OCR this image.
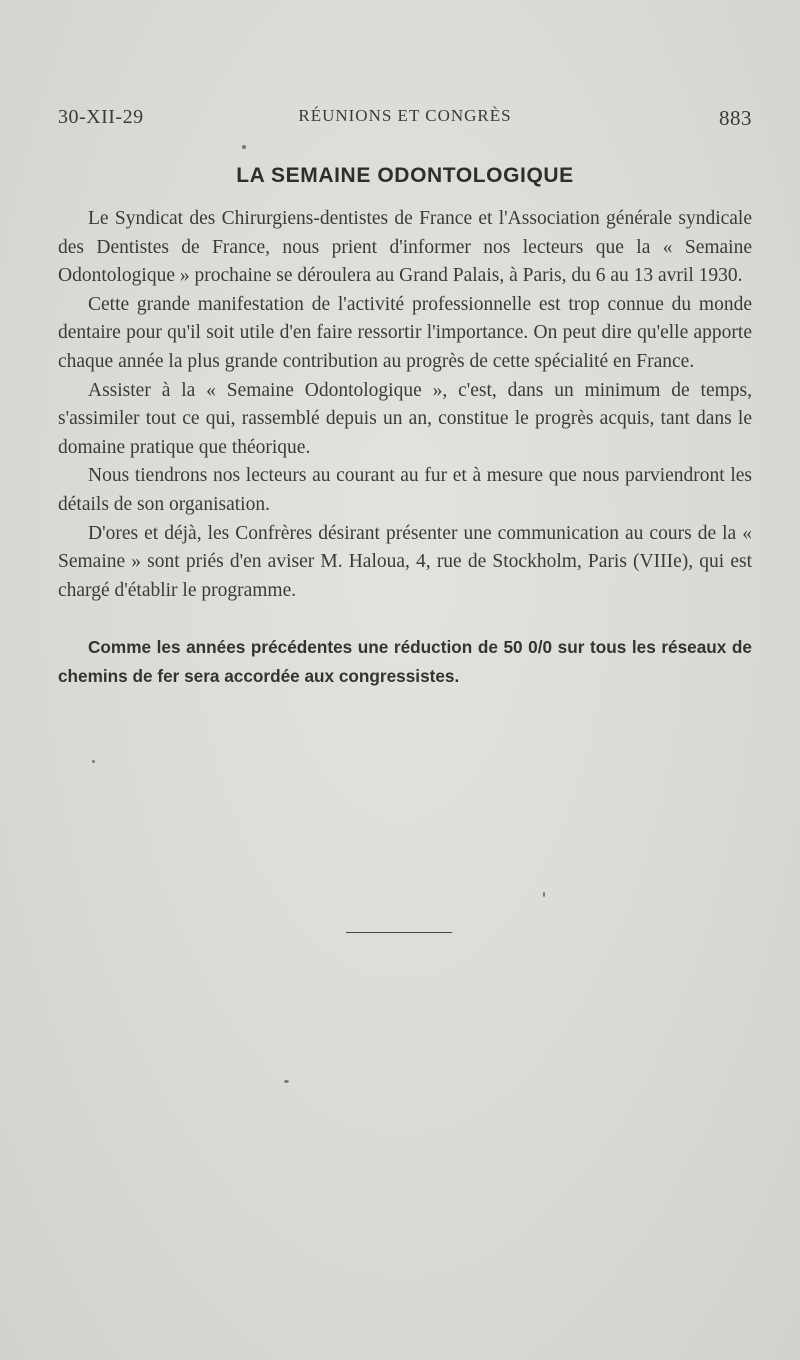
30-XII-29	RÉUNIONS ET CONGRÈS	883
LA SEMAINE ODONTOLOGIQUE

Le Syndicat des Chirurgiens-dentistes de France et l'Association générale syndicale des Dentistes de France, nous prient d'informer nos lecteurs que la « Semaine Odontologique » prochaine se déroulera au Grand Palais, à Paris, du 6 au 13 avril 1930.

Cette grande manifestation de l'activité professionnelle est trop connue du monde dentaire pour qu'il soit utile d'en faire ressortir l'importance. On peut dire qu'elle apporte chaque année la plus grande contribution au progrès de cette spécialité en France.

Assister à la « Semaine Odontologique », c'est, dans un minimum de temps, s'assimiler tout ce qui, rassemblé depuis un an, constitue le progrès acquis, tant dans le domaine pratique que théorique.

Nous tiendrons nos lecteurs au courant au fur et à mesure que nous parviendront les détails de son organisation.

D'ores et déjà, les Confrères désirant présenter une communication au cours de la « Semaine » sont priés d'en aviser M. Haloua, 4, rue de Stockholm, Paris (VIIIe), qui est chargé d'établir le programme.

Comme les années précédentes une réduction de 50 0/0 sur tous les réseaux de chemins de fer sera accordée aux congressistes.
